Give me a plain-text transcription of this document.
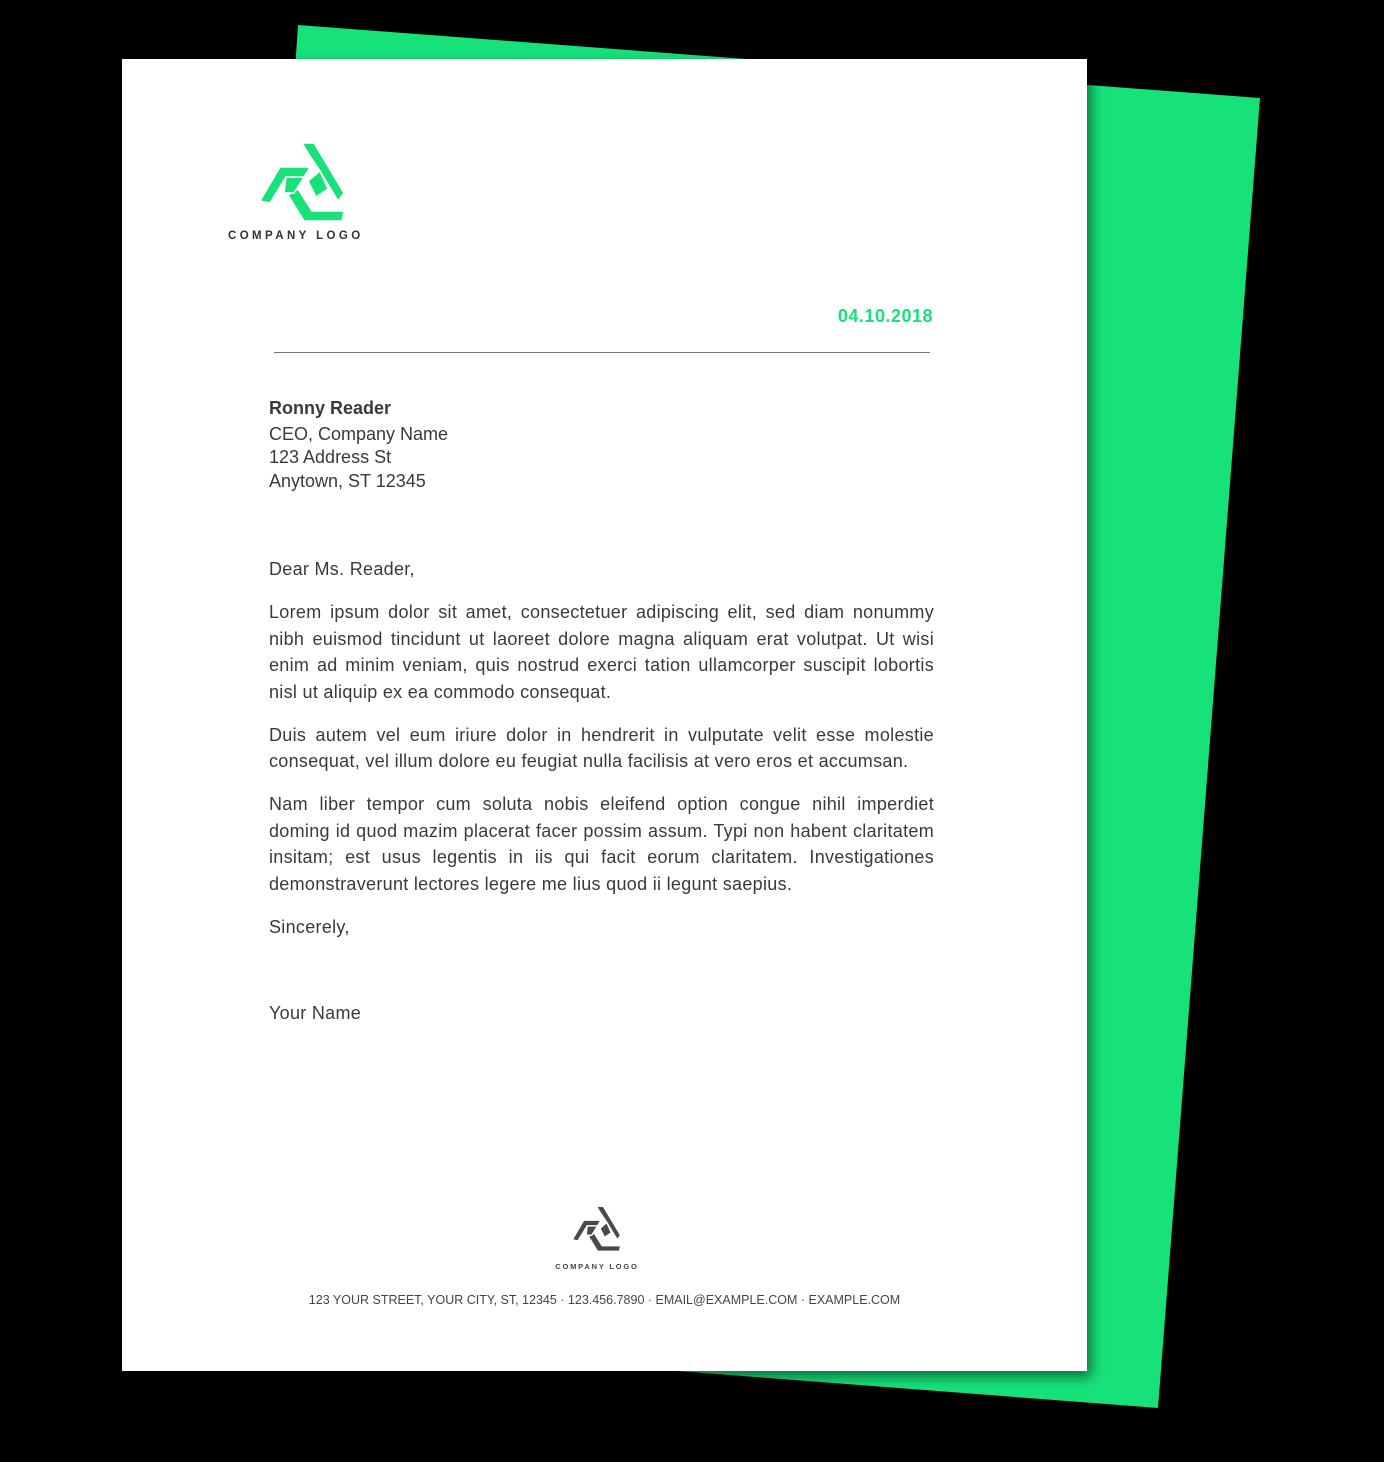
COMPANY LOGO
04.10.2018
Ronny Reader
CEO, Company Name
123 Address St
Anytown, ST 12345

Dear Ms. Reader,

Lorem ipsum dolor sit amet, consectetuer adipiscing elit, sed diam nonummy nibh euismod tincidunt ut laoreet dolore magna aliquam erat volutpat. Ut wisi enim ad minim veniam, quis nostrud exerci tation ullamcorper suscipit lobortis nisl ut aliquip ex ea commodo consequat.

Duis autem vel eum iriure dolor in hendrerit in vulputate velit esse molestie consequat, vel illum dolore eu feugiat nulla facilisis at vero eros et accumsan.

Nam liber tempor cum soluta nobis eleifend option congue nihil imperdiet doming id quod mazim placerat facer possim assum. Typi non habent claritatem insitam; est usus legentis in iis qui facit eorum claritatem. Investigationes demonstraverunt lectores legere me lius quod ii legunt saepius.

Sincerely,

Your Name

COMPANY LOGO
123 YOUR STREET, YOUR CITY, ST, 12345 · 123.456.7890 · EMAIL@EXAMPLE.COM · EXAMPLE.COM
